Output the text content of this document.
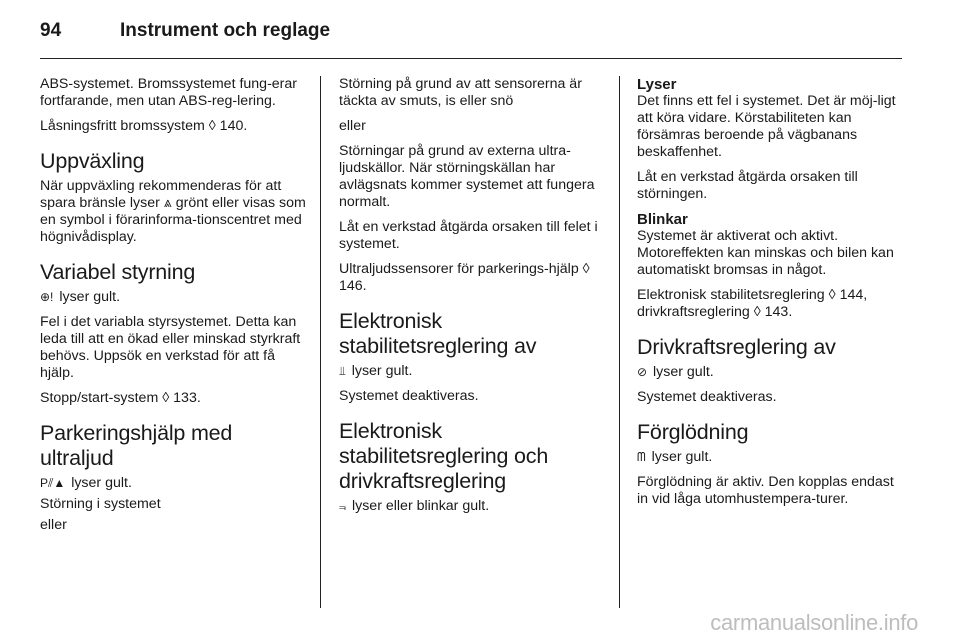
94	Instrument och reglage

ABS-systemet. Bromssystemet fung-erar fortfarande, men utan ABS-reg-lering.

Låsningsfritt bromssystem ◊ 140.

Uppväxling

När uppväxling rekommenderas för att spara bränsle lyser ⩓ grönt eller visas som en symbol i förarinforma-tionscentret med högnivådisplay.

Variabel styrning

⊕! lyser gult.

Fel i det variabla styrsystemet. Detta kan leda till att en ökad eller minskad styrkraft behövs. Uppsök en verkstad för att få hjälp.

Stopp/start-system ◊ 133.

Parkeringshjälp med ultraljud

P⫽▲ lyser gult.

Störning i systemet

eller

Störning på grund av att sensorerna är täckta av smuts, is eller snö

eller

Störningar på grund av externa ultra-ljudskällor. När störningskällan har avlägsnats kommer systemet att fungera normalt.

Låt en verkstad åtgärda orsaken till felet i systemet.

Ultraljudssensorer för parkerings-hjälp ◊ 146.

Elektronisk stabilitetsreglering av

⫫ lyser gult.

Systemet deaktiveras.

Elektronisk stabilitetsreglering och drivkraftsreglering

⫬ lyser eller blinkar gult.

Lyser

Det finns ett fel i systemet. Det är möj-ligt att köra vidare. Körstabiliteten kan försämras beroende på vägbanans beskaffenhet.

Låt en verkstad åtgärda orsaken till störningen.

Blinkar

Systemet är aktiverat och aktivt. Motoreffekten kan minskas och bilen kan automatiskt bromsas in något.

Elektronisk stabilitetsreglering ◊ 144, drivkraftsreglering ◊ 143.

Drivkraftsreglering av

⊘ lyser gult.

Systemet deaktiveras.

Förglödning

ᗰ lyser gult.

Förglödning är aktiv. Den kopplas endast in vid låga utomhustempera-turer.

carmanualsonline.info
